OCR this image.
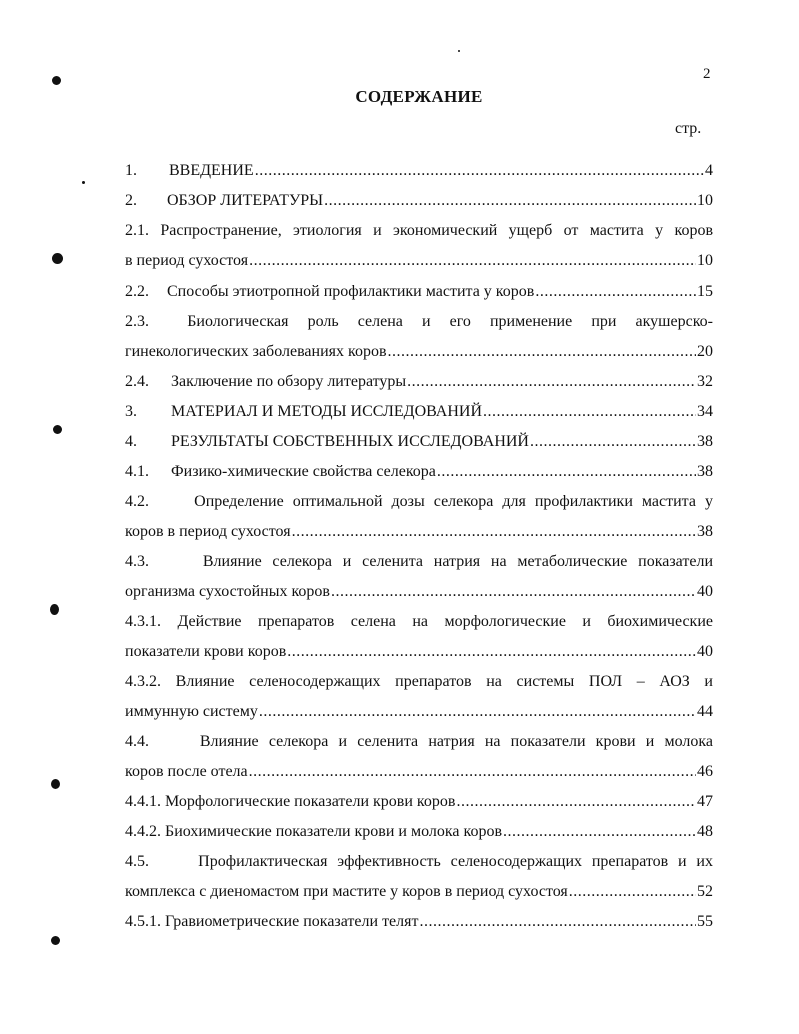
2
СОДЕРЖАНИЕ
стр.
1. ВВЕДЕНИЕ .....	4
2. ОБЗОР ЛИТЕРАТУРЫ .....	10
2.1. Распространение, этиология и экономический ущерб от мастита у коров
в период сухостоя .....	10
2.2. Способы этиотропной профилактики мастита у коров .....	15
2.3. Биологическая роль селена и его применение при акушерско-
гинекологических заболеваниях коров .....	20
2.4. Заключение по обзору литературы .....	32
3. МАТЕРИАЛ И МЕТОДЫ ИССЛЕДОВАНИЙ .....	34
4. РЕЗУЛЬТАТЫ СОБСТВЕННЫХ ИССЛЕДОВАНИЙ .....	38
4.1. Физико-химические свойства селекора .....	38
4.2.	Определение оптимальной дозы селекора для профилактики мастита у
коров в период сухостоя .....	38
4.3.	Влияние селекора и селенита натрия на метаболические показатели
организма сухостойных коров .....	40
4.3.1. Действие препаратов селена на морфологические и биохимические
показатели крови коров .....	40
4.3.2. Влияние селеносодержащих препаратов на системы ПОЛ – АОЗ и
иммунную систему .....	44
4.4.	Влияние селекора и селенита натрия на показатели крови и молока
коров после отела .....	46
4.4.1. Морфологические показатели крови коров .....	47
4.4.2. Биохимические показатели крови и молока коров .....	48
4.5.	Профилактическая эффективность селеносодержащих препаратов и их
комплекса с диеномастом при мастите у коров в период сухостоя .....	52
4.5.1. Гравиометрические показатели телят .....	55
